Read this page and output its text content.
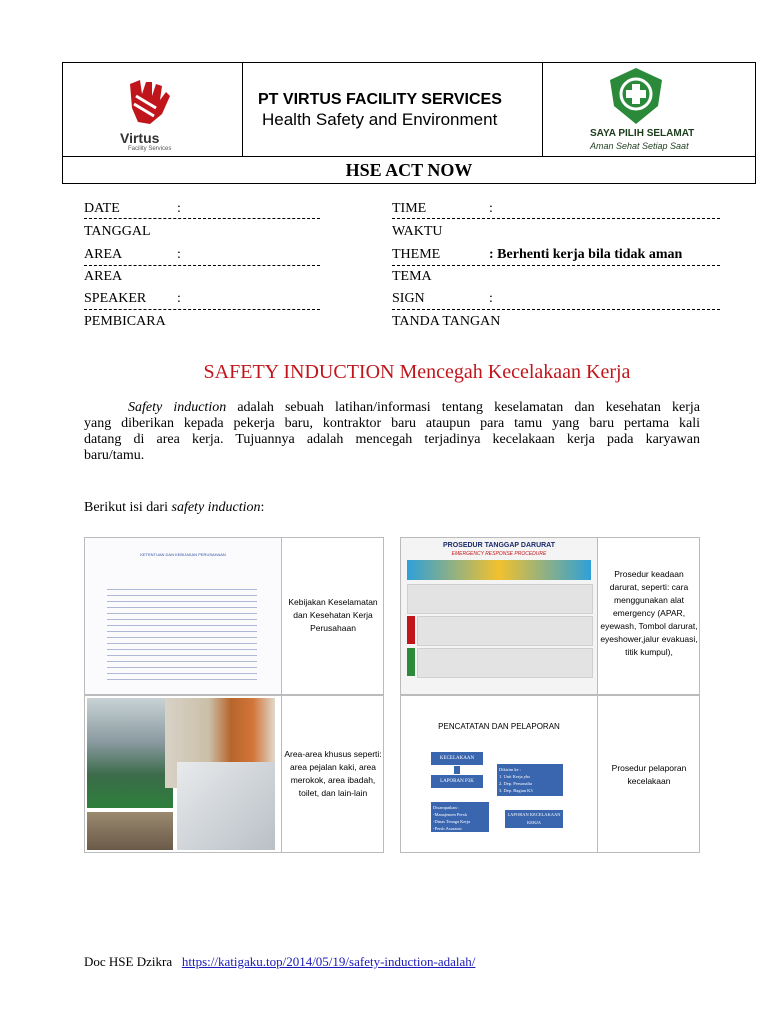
Virtus
Facility Services
PT VIRTUS FACILITY SERVICES
Health Safety and Environment
SAYA PILIH SELAMAT
Aman Sehat Setiap Saat
HSE ACT NOW
DATE	:
TANGGAL
AREA	:
AREA
SPEAKER :
PEMBICARA
TIME	:
WAKTU
THEME	: Berhenti kerja bila tidak aman
TEMA
SIGN	:
TANDA TANGAN
SAFETY INDUCTION Mencegah Kecelakaan Kerja
Safety induction adalah sebuah latihan/informasi tentang keselamatan dan kesehatan kerja
yang diberikan kepada pekerja baru, kontraktor baru ataupun para tamu yang baru pertama kali
datang di area kerja. Tujuannya adalah mencegah terjadinya kecelakaan kerja pada karyawan
baru/tamu.
Berikut isi dari safety induction:
KETENTUAN DAN KEBIJAKAN PERUSAHAAN
Kebijakan Keselamatan
dan Kesehatan Kerja
Perusahaan
Area-area khusus seperti:
area pejalan kaki, area
merokok, area ibadah,
toilet, dan lain-lain
PROSEDUR TANGGAP DARURAT
EMERGENCY RESPONSE PROCEDURE
Prosedur keadaan
darurat, seperti: cara
menggunakan alat
emergency (APAR,
eyewash, Tombol darurat,
eyeshower,jalur evakuasi,
titik kumpul),
PENCATATAN DAN PELAPORAN
KECELAKAAN
LAPORAN P3K
Dikirim ke :
1. Unit Kerja ybs
2. Dep. Personalia
3. Dep. Bagian K3
Disampaikan :
-Manajemen Persh
-Dinas Tenaga Kerja
-Persh.Asuransi
LAPORAN KECELAKAAN KERJA
Prosedur pelaporan
kecelakaan
Doc HSE Dzikra https://katigaku.top/2014/05/19/safety-induction-adalah/
